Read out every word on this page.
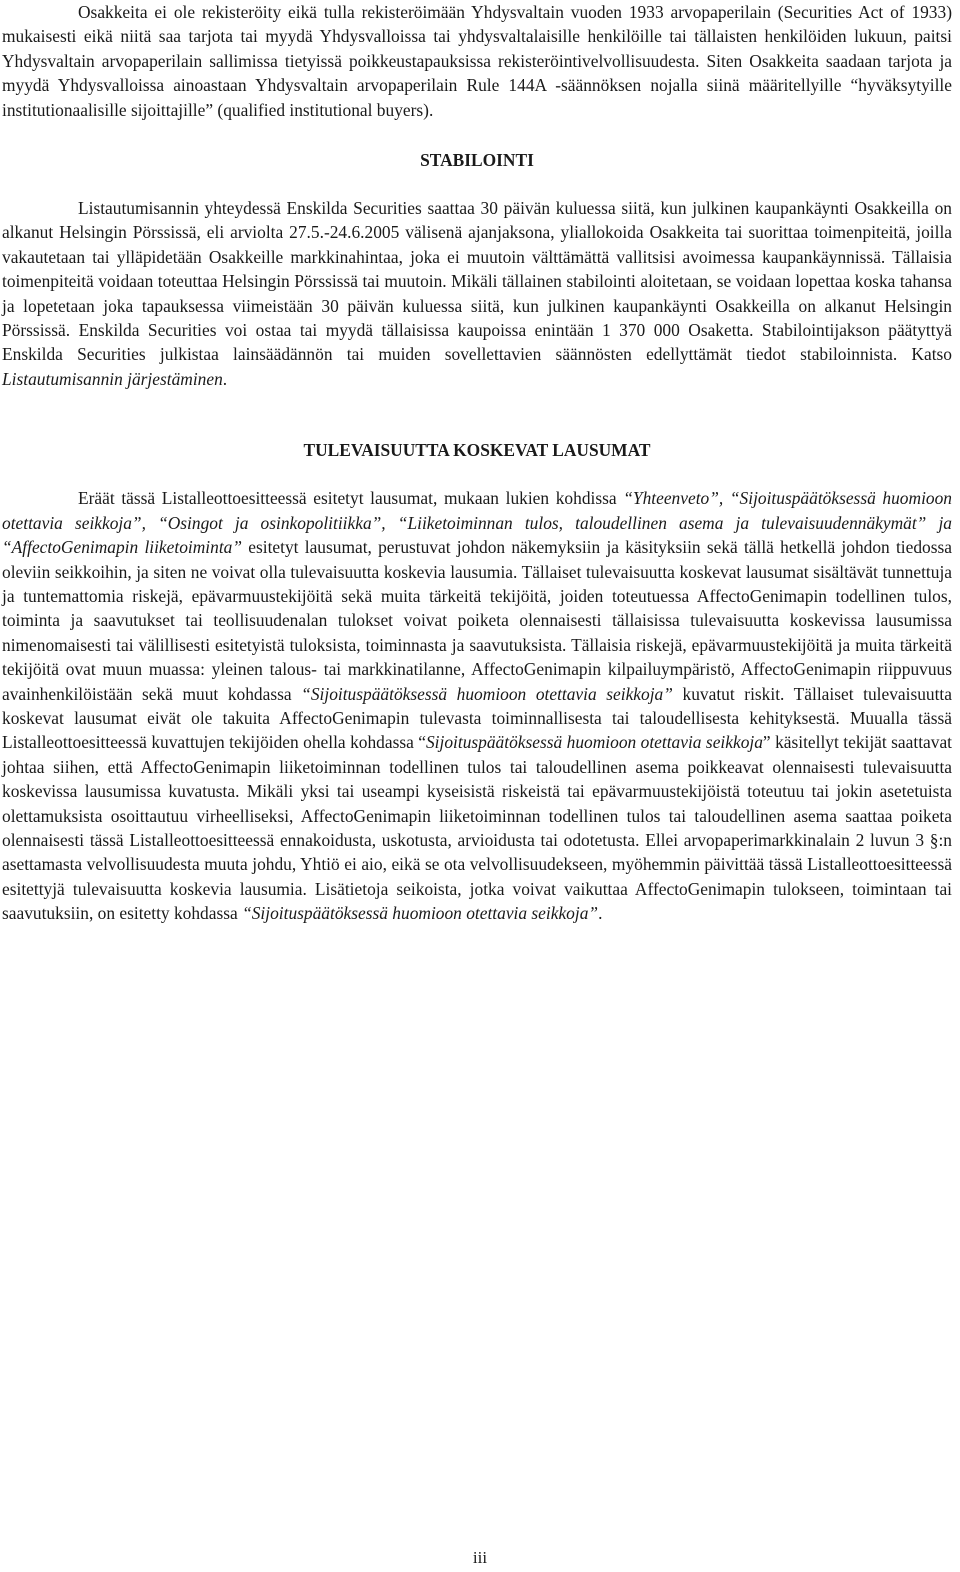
Osakkeita ei ole rekisteröity eikä tulla rekisteröimään Yhdysvaltain vuoden 1933 arvopaperilain (Securities Act of 1933) mukaisesti eikä niitä saa tarjota tai myydä Yhdysvalloissa tai yhdysvaltalaisille henkilöille tai tällaisten henkilöiden lukuun, paitsi Yhdysvaltain arvopaperilain sallimissa tietyissä poikkeustapauksissa rekisteröintivelvollisuudesta. Siten Osakkeita saadaan tarjota ja myydä Yhdysvalloissa ainoastaan Yhdysvaltain arvopaperilain Rule 144A -säännöksen nojalla siinä määritellyille “hyväksytyille institutionaalisille sijoittajille” (qualified institutional buyers).

STABILOINTI

Listautumisannin yhteydessä Enskilda Securities saattaa 30 päivän kuluessa siitä, kun julkinen kaupankäynti Osakkeilla on alkanut Helsingin Pörssissä, eli arviolta 27.5.-24.6.2005 välisenä ajanjaksona, yliallokoida Osakkeita tai suorittaa toimenpiteitä, joilla vakautetaan tai ylläpidetään Osakkeille markkinahintaa, joka ei muutoin välttämättä vallitsisi avoimessa kaupankäynnissä. Tällaisia toimenpiteitä voidaan toteuttaa Helsingin Pörssissä tai muutoin. Mikäli tällainen stabilointi aloitetaan, se voidaan lopettaa koska tahansa ja lopetetaan joka tapauksessa viimeistään 30 päivän kuluessa siitä, kun julkinen kaupankäynti Osakkeilla on alkanut Helsingin Pörssissä. Enskilda Securities voi ostaa tai myydä tällaisissa kaupoissa enintään 1 370 000 Osaketta. Stabilointijakson päätyttyä Enskilda Securities julkistaa lainsäädännön tai muiden sovellettavien säännösten edellyttämät tiedot stabiloinnista. Katso Listautumisannin järjestäminen.

TULEVAISUUTTA KOSKEVAT LAUSUMAT

Eräät tässä Listalleottoesitteessä esitetyt lausumat, mukaan lukien kohdissa “Yhteenveto”, “Sijoituspäätöksessä huomioon otettavia seikkoja”, “Osingot ja osinkopolitiikka”, “Liiketoiminnan tulos, taloudellinen asema ja tulevaisuudennäkymät” ja “AffectoGenimapin liiketoiminta” esitetyt lausumat, perustuvat johdon näkemyksiin ja käsityksiin sekä tällä hetkellä johdon tiedossa oleviin seikkoihin, ja siten ne voivat olla tulevaisuutta koskevia lausumia. Tällaiset tulevaisuutta koskevat lausumat sisältävät tunnettuja ja tuntemattomia riskejä, epävarmuustekijöitä sekä muita tärkeitä tekijöitä, joiden toteutuessa AffectoGenimapin todellinen tulos, toiminta ja saavutukset tai teollisuudenalan tulokset voivat poiketa olennaisesti tällaisissa tulevaisuutta koskevissa lausumissa nimenomaisesti tai välillisesti esitetyistä tuloksista, toiminnasta ja saavutuksista. Tällaisia riskejä, epävarmuustekijöitä ja muita tärkeitä tekijöitä ovat muun muassa: yleinen talous- tai markkinatilanne, AffectoGenimapin kilpailuympäristö, AffectoGenimapin riippuvuus avainhenkilöistään sekä muut kohdassa “Sijoituspäätöksessä huomioon otettavia seikkoja” kuvatut riskit. Tällaiset tulevaisuutta koskevat lausumat eivät ole takuita AffectoGenimapin tulevasta toiminnallisesta tai taloudellisesta kehityksestä. Muualla tässä Listalleottoesitteessä kuvattujen tekijöiden ohella kohdassa “Sijoituspäätöksessä huomioon otettavia seikkoja” käsitellyt tekijät saattavat johtaa siihen, että AffectoGenimapin liiketoiminnan todellinen tulos tai taloudellinen asema poikkeavat olennaisesti tulevaisuutta koskevissa lausumissa kuvatusta. Mikäli yksi tai useampi kyseisistä riskeistä tai epävarmuustekijöistä toteutuu tai jokin asetetuista olettamuksista osoittautuu virheelliseksi, AffectoGenimapin liiketoiminnan todellinen tulos tai taloudellinen asema saattaa poiketa olennaisesti tässä Listalleottoesitteessä ennakoidusta, uskotusta, arvioidusta tai odotetusta. Ellei arvopaperimarkkinalain 2 luvun 3 §:n asettamasta velvollisuudesta muuta johdu, Yhtiö ei aio, eikä se ota velvollisuudekseen, myöhemmin päivittää tässä Listalleottoesitteessä esitettyjä tulevaisuutta koskevia lausumia. Lisätietoja seikoista, jotka voivat vaikuttaa AffectoGenimapin tulokseen, toimintaan tai saavutuksiin, on esitetty kohdassa “Sijoituspäätöksessä huomioon otettavia seikkoja”.

iii
